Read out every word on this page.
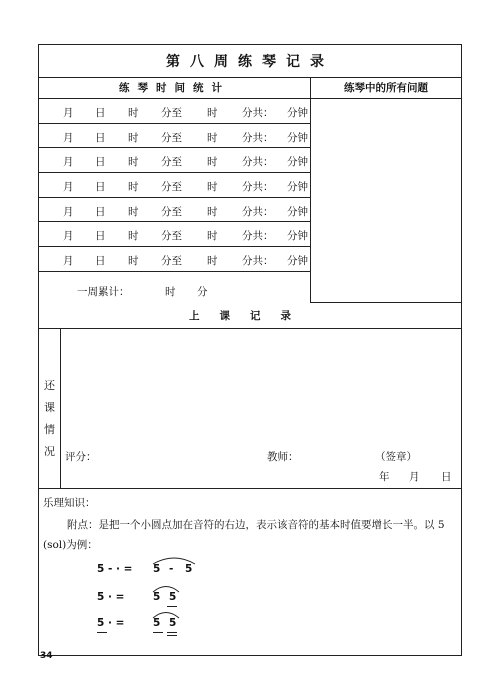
第八周练琴记录
练琴时间统计	练琴中的所有问题
月 日 时 分至 时 分共： 分钟
月 日 时 分至 时 分共： 分钟
月 日 时 分至 时 分共： 分钟
月 日 时 分至 时 分共： 分钟
月 日 时 分至 时 分共： 分钟
月 日 时 分至 时 分共： 分钟
月 日 时 分至 时 分共： 分钟
一周累计：	时 分
上课记录
还
课
情
况 评分：	教师：	（签章）
年 月 日
乐理知识：
附点：是把一个小圆点加在音符的右边，表示该音符的基本时值要增长一半。以 5
(sol)为例：
5 - · = 5 - 5
5 · =	5 5
5 · =	5 5
34
